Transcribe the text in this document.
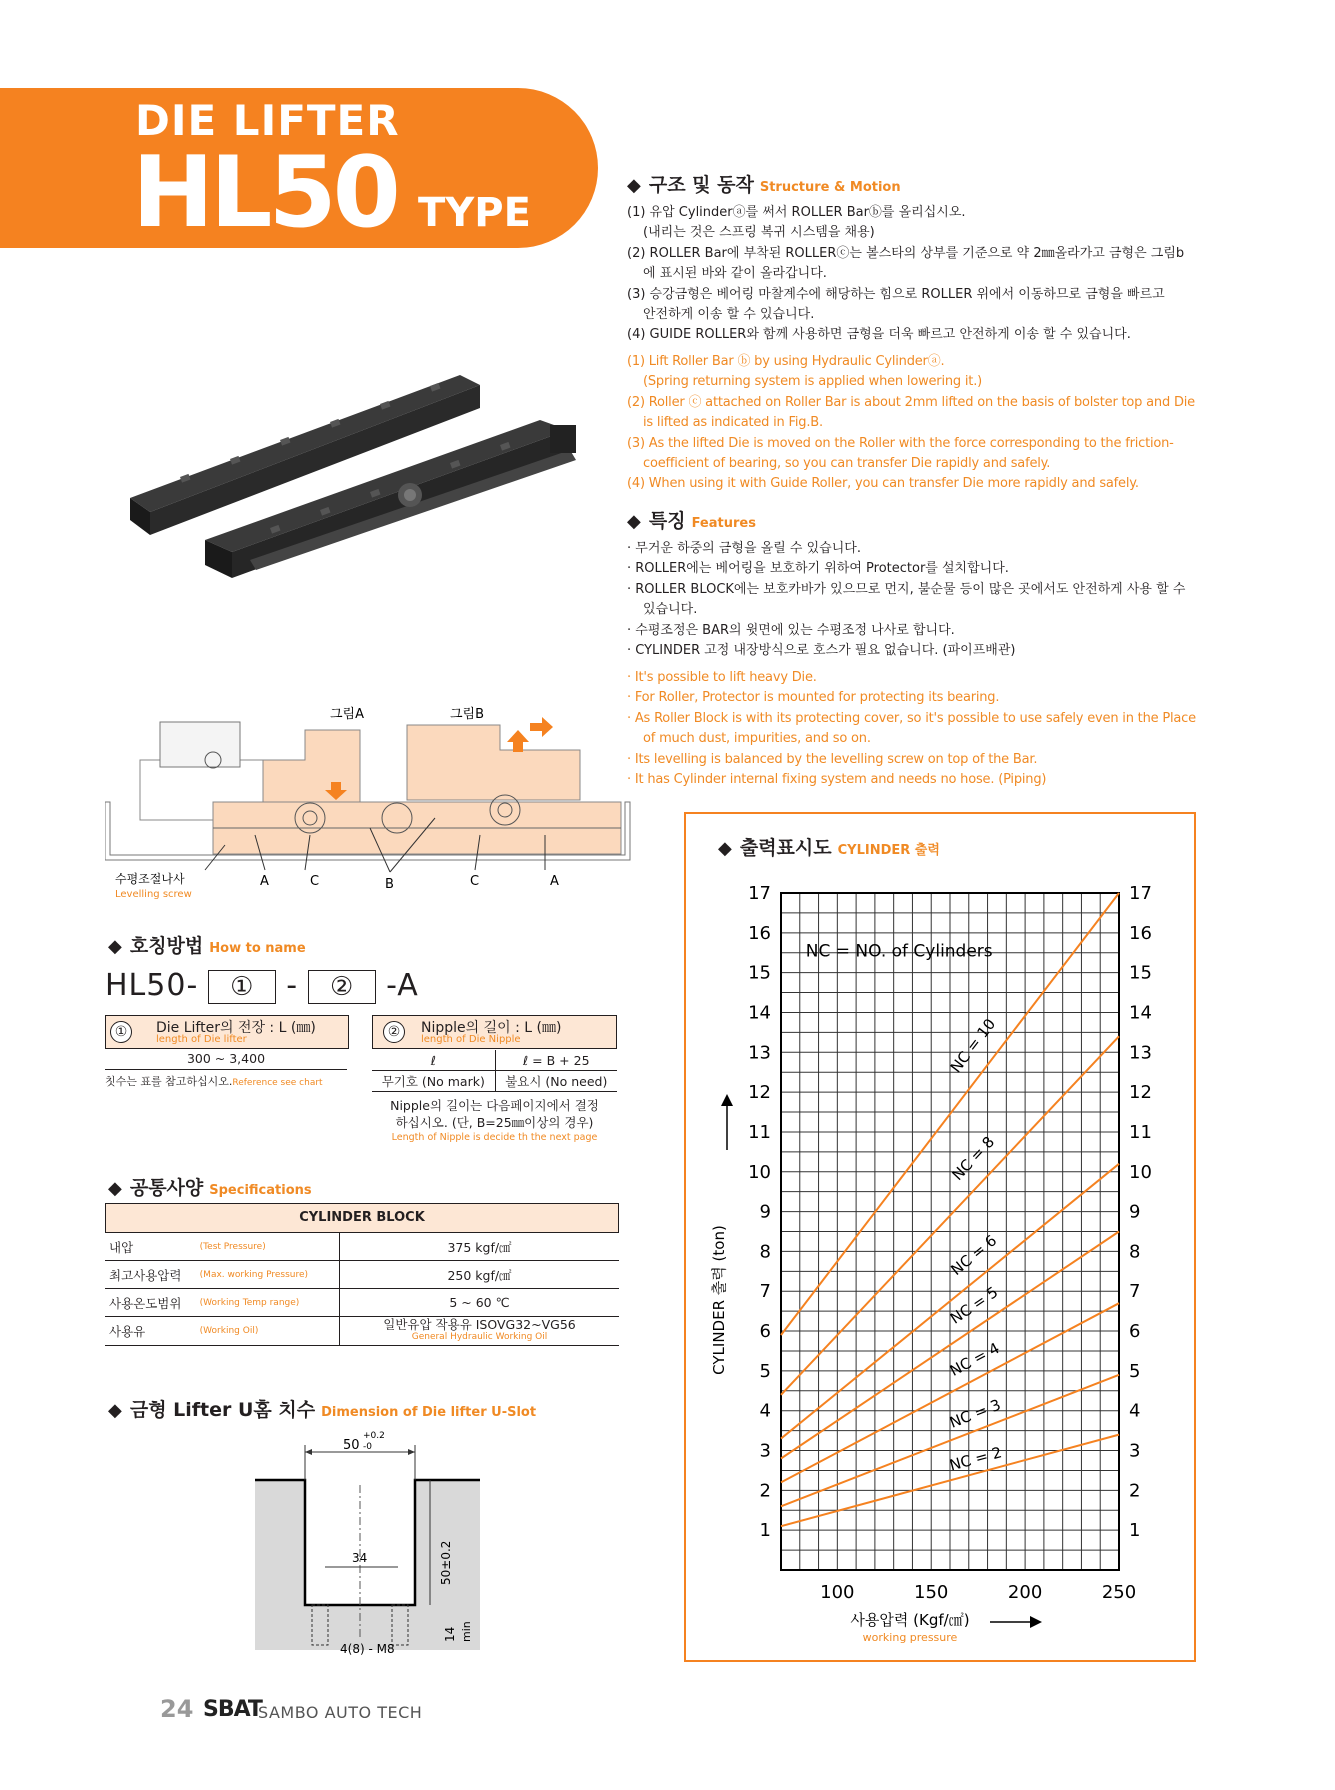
DIE LIFTER
HL50 TYPE
◆ 구조 및 동작 Structure & Motion
(1) 유압 Cylinderⓐ를 써서 ROLLER Barⓑ를 올리십시오.
(내리는 것은 스프링 복귀 시스템을 채용)
(2) ROLLER Bar에 부착된 ROLLERⓒ는 볼스타의 상부를 기준으로 약 2㎜올라가고 금형은 그림b
에 표시된 바와 같이 올라갑니다.
(3) 승강금형은 베어링 마찰계수에 해당하는 힘으로 ROLLER 위에서 이동하므로 금형을 빠르고
안전하게 이송 할 수 있습니다.
(4) GUIDE ROLLER와 함께 사용하면 금형을 더욱 빠르고 안전하게 이송 할 수 있습니다.
(1) Lift Roller Bar ⓑ by using Hydraulic Cylinderⓐ.
(Spring returning system is applied when lowering it.)
(2) Roller ⓒ attached on Roller Bar is about 2mm lifted on the basis of bolster top and Die
is lifted as indicated in Fig.B.
(3) As the lifted Die is moved on the Roller with the force corresponding to the friction-
coefficient of bearing, so you can transfer Die rapidly and safely.
(4) When using it with Guide Roller, you can transfer Die more rapidly and safely.
◆ 특징 Features
· 무거운 하중의 금형을 올릴 수 있습니다.
· ROLLER에는 베어링을 보호하기 위하여 Protector를 설치합니다.
· ROLLER BLOCK에는 보호카바가 있으므로 먼지, 불순물 등이 많은 곳에서도 안전하게 사용 할 수
있습니다.
· 수평조정은 BAR의 윗면에 있는 수평조정 나사로 합니다.
· CYLINDER 고정 내장방식으로 호스가 필요 없습니다. (파이프배관)
· It's possible to lift heavy Die.
· For Roller, Protector is mounted for protecting its bearing.
· As Roller Block is with its protecting cover, so it's possible to use safely even in the Place
of much dust, impurities, and so on.
· Its levelling is balanced by the levelling screw on top of the Bar.
· It has Cylinder internal fixing system and needs no hose. (Piping)
그림A	그림B
수평조절나사
Levelling screw
A	C	B	C	A
◆ 호칭방법 How to name
HL50- ① - ② -A
①	Die Lifter의 전장 : L (㎜)
length of Die lifter
300 ~ 3,400
칫수는 표를 참고하십시오.Reference see chart
②	Nipple의 길이 : L (㎜)
length of Die Nipple
ℓ	ℓ = B + 25
무기호 (No mark)	불요시 (No need)
Nipple의 길이는 다음페이지에서 결정
하십시오. (단, B=25㎜이상의 경우)
Length of Nipple is decide th the next page
◆ 공통사양 Specifications
CYLINDER BLOCK
내압	(Test Pressure)	375 kgf/㎠
최고사용압력	(Max. working Pressure)	250 kgf/㎠
사용온도범위	(Working Temp range)	5 ~ 60 ℃
사용유	(Working Oil)	일반유압 작용유 ISOVG32~VG56
General Hydraulic Working Oil
◆ 금형 Lifter U홈 치수 Dimension of Die lifter U-Slot
50
+0.2
-0
34	50±0.2
14 min
4(8) - M8
◆ 출력표시도 CYLINDER 출력
1	1
2	2
3	3
4	4
5	5
6	6
7	7
8	8
9	9
10	10
11	11
12	12
13	13
14	14
15	15
16	16
17	17
100	150	200	250
NC = 2
NC = 3
NC = 4
NC = 5
NC = 6
NC = 8
NC = 10
NC = NO. of Cylinders
CYLINDER 출력 (ton)
사용압력 (Kgf/㎠)
working pressure
24 SBAT
SAMBO AUTO TECH
